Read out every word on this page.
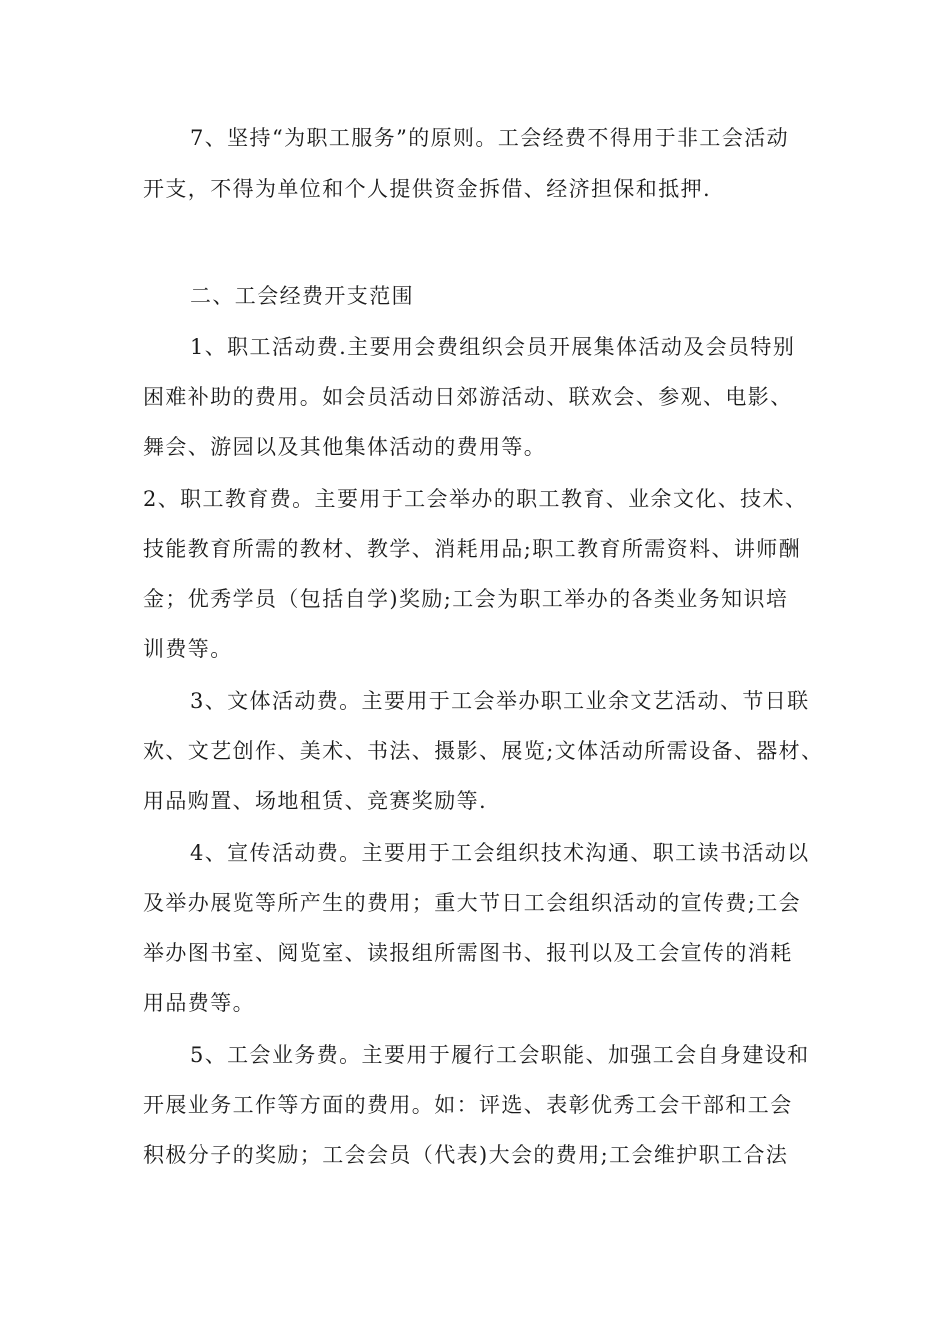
7、坚持“为职工服务”的原则。工会经费不得用于非工会活动
开支，不得为单位和个人提供资金拆借、经济担保和抵押.
二、工会经费开支范围
1、职工活动费.主要用会费组织会员开展集体活动及会员特别
困难补助的费用。如会员活动日郊游活动、联欢会、参观、电影、
舞会、游园以及其他集体活动的费用等。
2、职工教育费。主要用于工会举办的职工教育、业余文化、技术、
技能教育所需的教材、教学、消耗用品;职工教育所需资料、讲师酬
金；优秀学员（包括自学)奖励;工会为职工举办的各类业务知识培
训费等。
3、文体活动费。主要用于工会举办职工业余文艺活动、节日联
欢、文艺创作、美术、书法、摄影、展览;文体活动所需设备、器材、
用品购置、场地租赁、竞赛奖励等.
4、宣传活动费。主要用于工会组织技术沟通、职工读书活动以
及举办展览等所产生的费用；重大节日工会组织活动的宣传费;工会
举办图书室、阅览室、读报组所需图书、报刊以及工会宣传的消耗
用品费等。
5、工会业务费。主要用于履行工会职能、加强工会自身建设和
开展业务工作等方面的费用。如：评选、表彰优秀工会干部和工会
积极分子的奖励；工会会员（代表)大会的费用;工会维护职工合法
